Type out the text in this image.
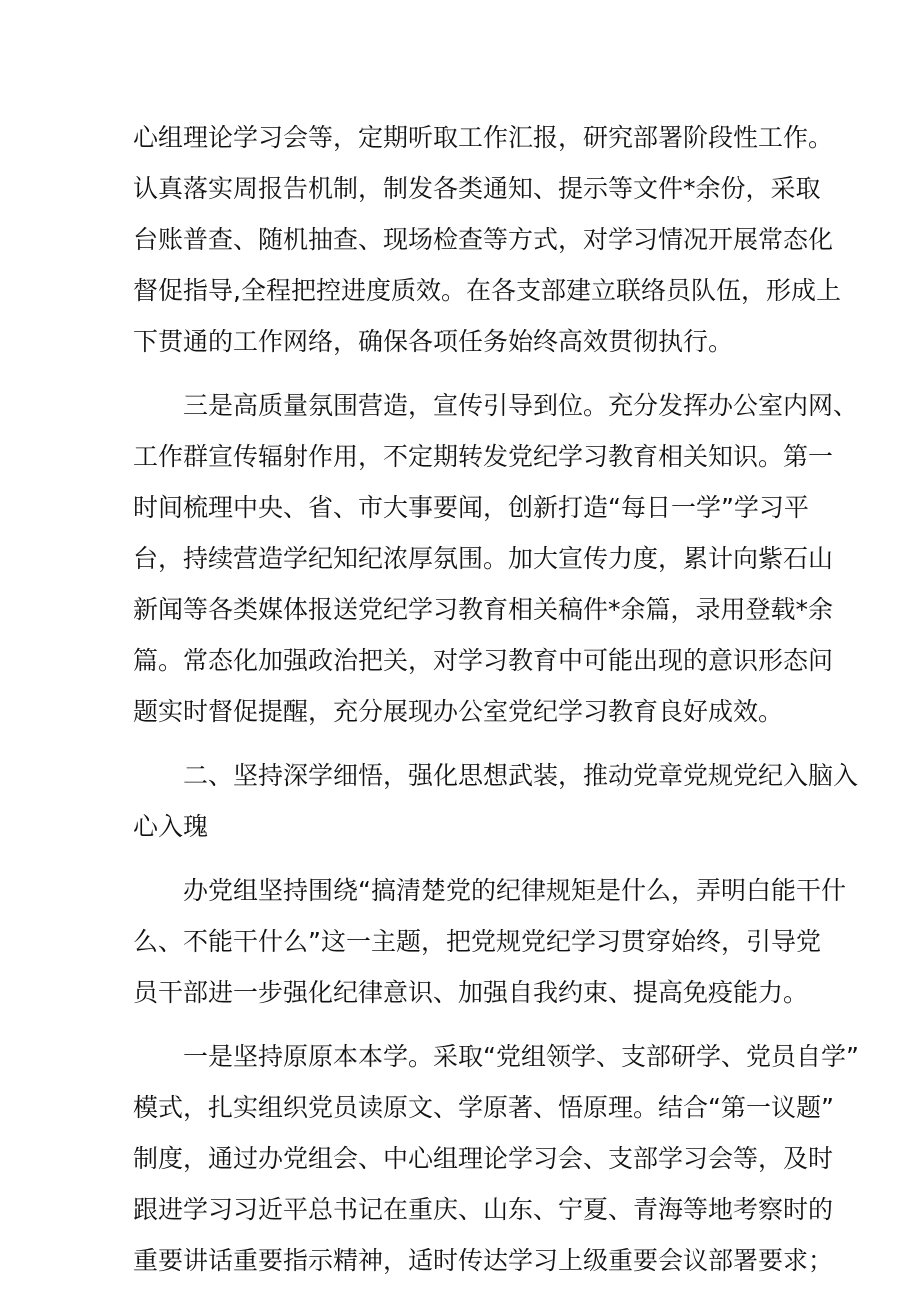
心组理论学习会等，定期听取工作汇报，研究部署阶段性工作。
认真落实周报告机制，制发各类通知、提示等文件*余份，采取
台账普查、随机抽查、现场检查等方式，对学习情况开展常态化
督促指导,全程把控进度质效。在各支部建立联络员队伍，形成上
下贯通的工作网络，确保各项任务始终高效贯彻执行。

　　三是高质量氛围营造，宣传引导到位。充分发挥办公室内网、
工作群宣传辐射作用，不定期转发党纪学习教育相关知识。第一
时间梳理中央、省、市大事要闻，创新打造“每日一学”学习平
台，持续营造学纪知纪浓厚氛围。加大宣传力度，累计向紫石山
新闻等各类媒体报送党纪学习教育相关稿件*余篇，录用登载*余
篇。常态化加强政治把关，对学习教育中可能出现的意识形态问
题实时督促提醒，充分展现办公室党纪学习教育良好成效。

　　二、坚持深学细悟，强化思想武装，推动党章党规党纪入脑入
心入瑰

　　办党组坚持围绕“搞清楚党的纪律规矩是什么，弄明白能干什
么、不能干什么”这一主题，把党规党纪学习贯穿始终，引导党
员干部进一步强化纪律意识、加强自我约束、提高免疫能力。

　　一是坚持原原本本学。采取“党组领学、支部研学、党员自学”
模式，扎实组织党员读原文、学原著、悟原理。结合“第一议题”
制度，通过办党组会、中心组理论学习会、支部学习会等，及时
跟进学习习近平总书记在重庆、山东、宁夏、青海等地考察时的
重要讲话重要指示精神，适时传达学习上级重要会议部署要求；
